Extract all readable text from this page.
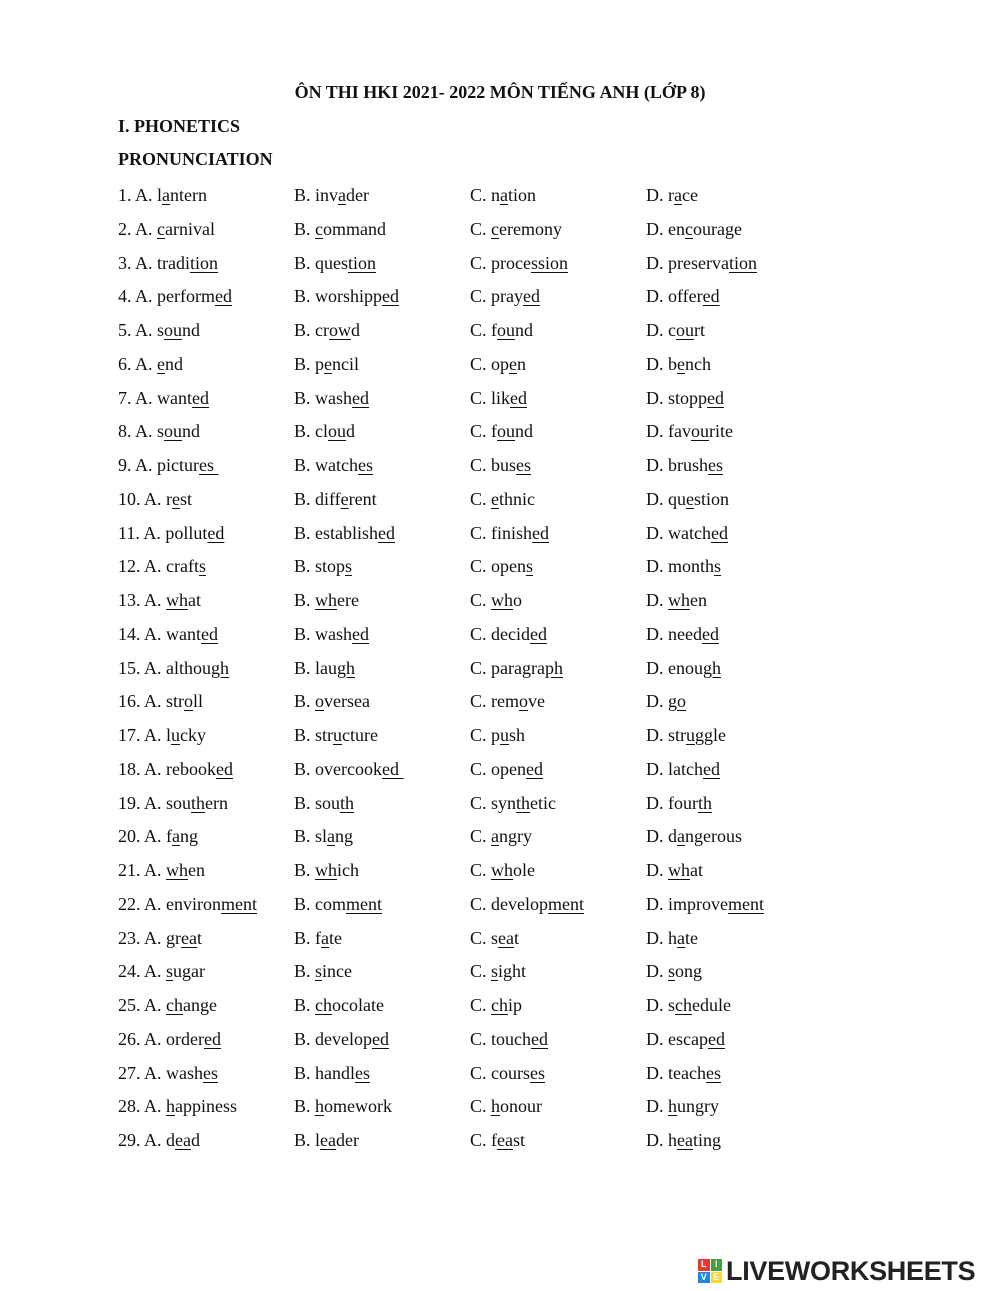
ÔN THI HKI 2021- 2022 MÔN TIẾNG ANH (LỚP 8)
I. PHONETICS
PRONUNCIATION
1. A. lantern	B. invader	C. nation	D. race
2. A. carnival	B. command	C. ceremony	D. encourage
3. A. tradition	B. question	C. procession	D. preservation
4. A. performed	B. worshipped	C. prayed	D. offered
5. A. sound	B. crowd	C. found	D. court
6. A. end	B. pencil	C. open	D. bench
7. A. wanted	B. washed	C. liked	D. stopped
8. A. sound	B. cloud	C. found	D. favourite
9. A. pictures	B. watches	C. buses	D. brushes
10. A. rest	B. different	C. ethnic	D. question
11. A. polluted	B. established	C. finished	D. watched
12. A. crafts	B. stops	C. opens	D. months
13. A. what	B. where	C. who	D. when
14. A. wanted	B. washed	C. decided	D. needed
15. A. although	B. laugh	C. paragraph	D. enough
16. A. stroll	B. oversea	C. remove	D. go
17. A. lucky	B. structure	C. push	D. struggle
18. A. rebooked	B. overcooked	C. opened	D. latched
19. A. southern	B. south	C. synthetic	D. fourth
20. A. fang	B. slang	C. angry	D. dangerous
21. A. when	B. which	C. whole	D. what
22. A. environment B. comment	C. development	D. improvement
23. A. great	B. fate	C. seat	D. hate
24. A. sugar	B. since	C. sight	D. song
25. A. change	B. chocolate	C. chip	D. schedule
26. A. ordered	B. developed	C. touched	D. escaped
27. A. washes	B. handles	C. courses	D. teaches
28. A. happiness	B. homework	C. honour	D. hungry
29. A. dead	B. leader	C. feast	D. heating
L I
V E LIVEWORKSHEETS
